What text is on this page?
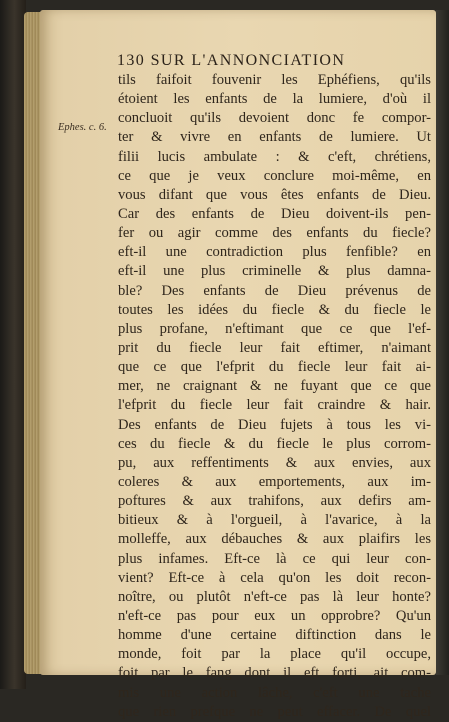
130 SUR L'ANNONCIATION
Ephes. c. 6.
tils faifoit fouvenir les Ephéfiens, qu'ils
étoient les enfants de la lumiere, d'où il
concluoit qu'ils devoient donc fe compor-
ter & vivre en enfants de lumiere. Ut
filii lucis ambulate : & c'eft, chrétiens,
ce que je veux conclure moi-même, en
vous difant que vous êtes enfants de Dieu.
Car des enfants de Dieu doivent-ils pen-
fer ou agir comme des enfants du fiecle?
eft-il une contradiction plus fenfible? en
eft-il une plus criminelle & plus damna-
ble? Des enfants de Dieu prévenus de
toutes les idées du fiecle & du fiecle le
plus profane, n'eftimant que ce que l'ef-
prit du fiecle leur fait eftimer, n'aimant
que ce que l'efprit du fiecle leur fait ai-
mer, ne craignant & ne fuyant que ce que
l'efprit du fiecle leur fait craindre & hair.
Des enfants de Dieu fujets à tous les vi-
ces du fiecle & du fiecle le plus corrom-
pu, aux reffentiments & aux envies, aux
coleres & aux emportements, aux im-
poftures & aux trahifons, aux defirs am-
bitieux & à l'orgueil, à l'avarice, à la
molleffe, aux débauches & aux plaifirs les
plus infames. Eft-ce là ce qui leur con-
vient? Eft-ce à cela qu'on les doit recon-
noître, ou plutôt n'eft-ce pas là leur honte?
n'eft-ce pas pour eux un opprobre? Qu'un
homme d'une certaine diftinction dans le
monde, foit par la place qu'il occupe,
foit par le fang dont il eft forti, ait com-
mis une action lâche, c'eft une tache
que rien prefque ne peut effacer. De quel
